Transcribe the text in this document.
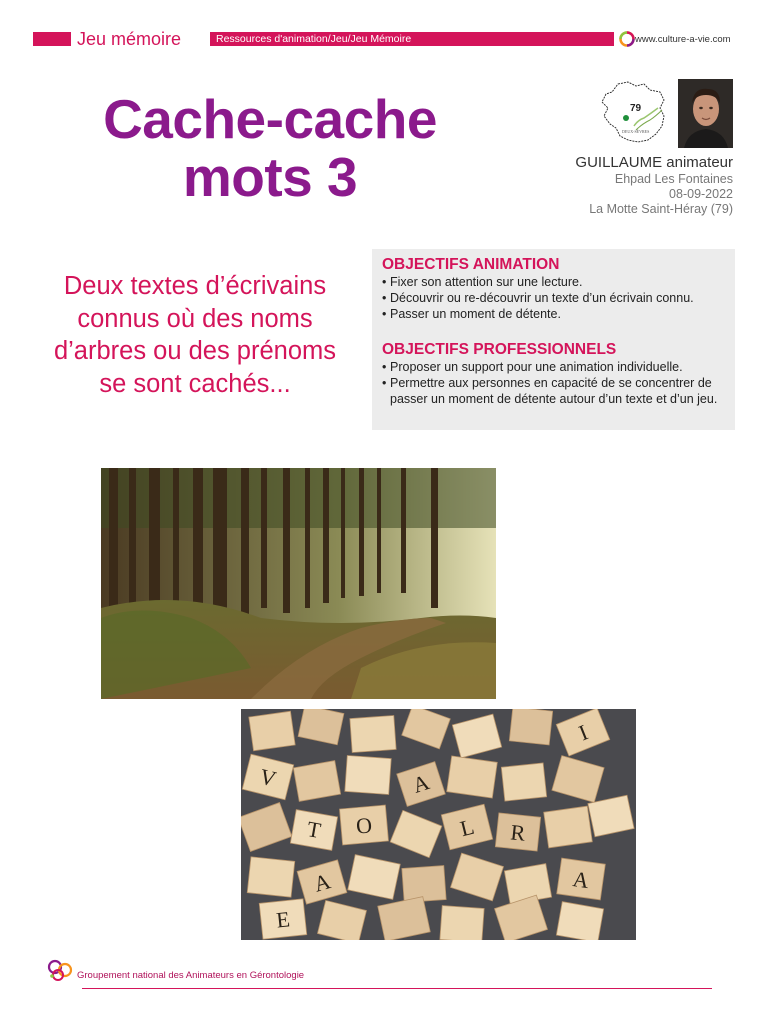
Jeu mémoire	Ressources d'animation/Jeu/Jeu Mémoire	www.culture-a-vie.com
Cache-cache
mots 3
79
DEUX-SÈVRES
GUILLAUME animateur
Ehpad Les Fontaines
08-09-2022
La Motte Saint-Héray (79)
Deux textes d’écrivains
connus où des noms
d’arbres ou des prénoms
se sont cachés...
OBJECTIFS ANIMATION
• Fixer son attention sur une lecture.
• Découvrir ou re-découvrir un texte d’un écrivain connu.
• Passer un moment de détente.
OBJECTIFS PROFESSIONNELS
• Proposer un support pour une animation individuelle.
• Permettre aux personnes en capacité de se concentrer de passer un moment de détente autour d’un texte et d’un jeu.
A
T O
A
L
E
V
R
A
I
Groupement national des Animateurs en Gérontologie
